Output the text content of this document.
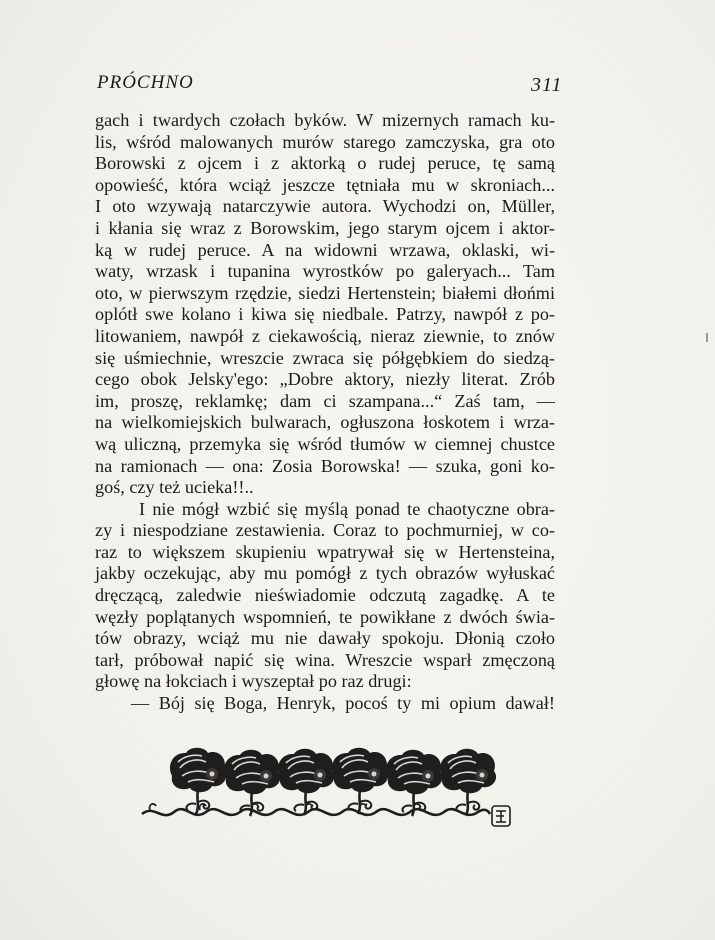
PRÓCHNO	311
gach i twardych czołach byków. W mizernych ramach ku-
lis, wśród malowanych murów starego zamczyska, gra oto
Borowski z ojcem i z aktorką o rudej peruce, tę samą
opowieść, która wciąż jeszcze tętniała mu w skroniach...
I oto wzywają natarczywie autora. Wychodzi on, Müller,
i kłania się wraz z Borowskim, jego starym ojcem i aktor-
ką w rudej peruce. A na widowni wrzawa, oklaski, wi-
waty, wrzask i tupanina wyrostków po galeryach... Tam
oto, w pierwszym rzędzie, siedzi Hertenstein; białemi dłońmi
oplótł swe kolano i kiwa się niedbale. Patrzy, nawpół z po-
litowaniem, nawpół z ciekawością, nieraz ziewnie, to znów
się uśmiechnie, wreszcie zwraca się półgębkiem do siedzą-
cego obok Jelsky'ego: „Dobre aktory, niezły literat. Zrób
im, proszę, reklamkę; dam ci szampana...“ Zaś tam, —
na wielkomiejskich bulwarach, ogłuszona łoskotem i wrza-
wą uliczną, przemyka się wśród tłumów w ciemnej chustce
na ramionach — ona: Zosia Borowska! — szuka, goni ko-
goś, czy też ucieka!!..
I nie mógł wzbić się myślą ponad te chaotyczne obra-
zy i niespodziane zestawienia. Coraz to pochmurniej, w co-
raz to większem skupieniu wpatrywał się w Hertensteina,
jakby oczekując, aby mu pomógł z tych obrazów wyłuskać
dręczącą, zaledwie nieświadomie odczutą zagadkę. A te
węzły poplątanych wspomnień, te powikłane z dwóch świa-
tów obrazy, wciąż mu nie dawały spokoju. Dłonią czoło
tarł, próbował napić się wina. Wreszcie wsparł zmęczoną
głowę na łokciach i wyszeptał po raz drugi:
— Bój się Boga, Henryk, pocoś ty mi opium dawał!
